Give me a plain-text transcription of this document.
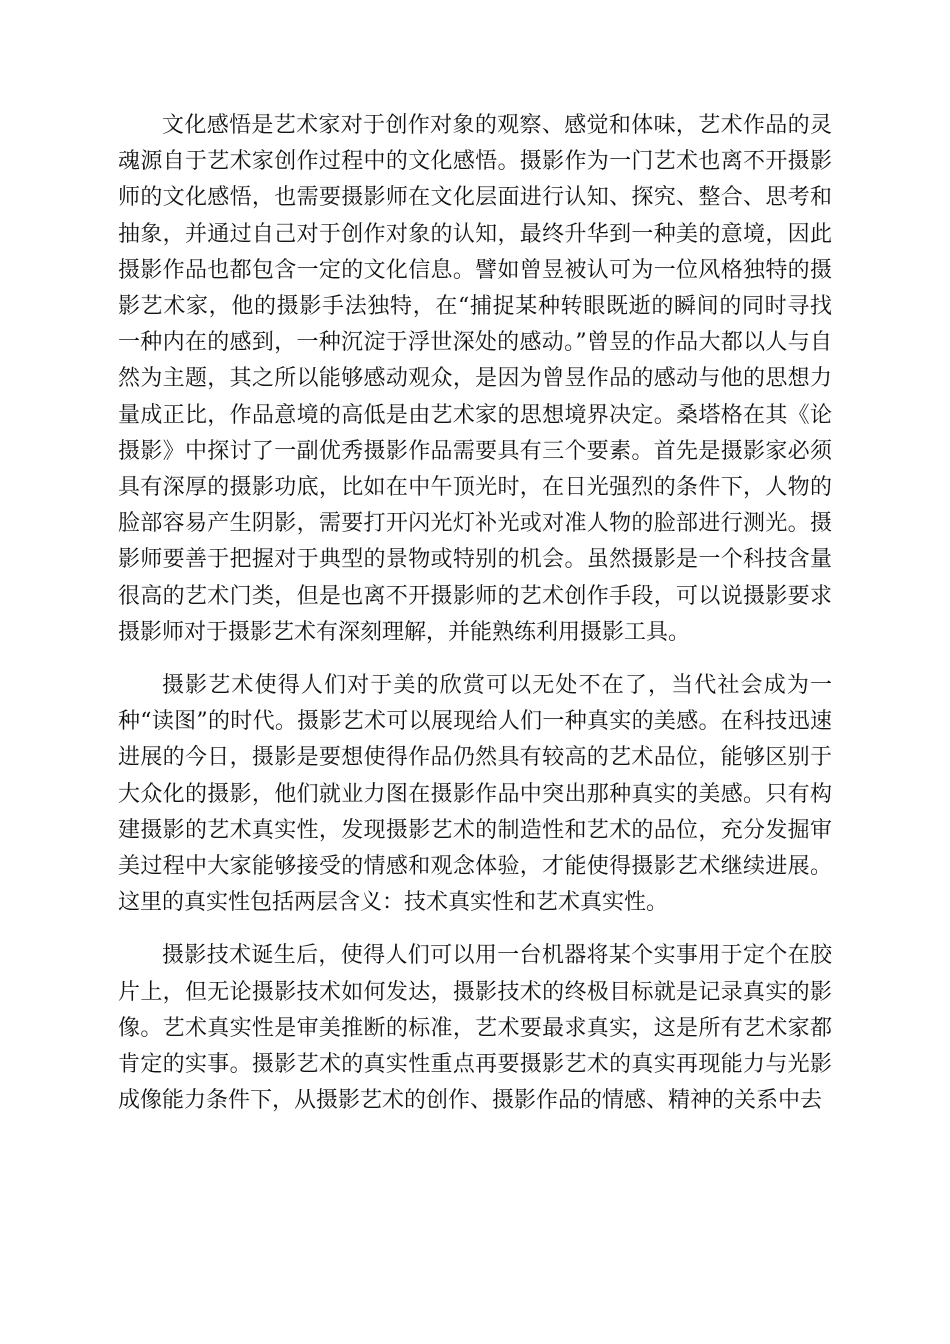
文化感悟是艺术家对于创作对象的观察、感觉和体味，艺术作品的灵魂源自于艺术家创作过程中的文化感悟。摄影作为一门艺术也离不开摄影师的文化感悟，也需要摄影师在文化层面进行认知、探究、整合、思考和抽象，并通过自己对于创作对象的认知，最终升华到一种美的意境，因此摄影作品也都包含一定的文化信息。譬如曾昱被认可为一位风格独特的摄影艺术家，他的摄影手法独特，在“捕捉某种转眼既逝的瞬间的同时寻找一种内在的感到，一种沉淀于浮世深处的感动。”曾昱的作品大都以人与自然为主题，其之所以能够感动观众，是因为曾昱作品的感动与他的思想力量成正比，作品意境的高低是由艺术家的思想境界决定。桑塔格在其《论摄影》中探讨了一副优秀摄影作品需要具有三个要素。首先是摄影家必须具有深厚的摄影功底，比如在中午顶光时，在日光强烈的条件下，人物的脸部容易产生阴影，需要打开闪光灯补光或对准人物的脸部进行测光。摄影师要善于把握对于典型的景物或特别的机会。虽然摄影是一个科技含量很高的艺术门类，但是也离不开摄影师的艺术创作手段，可以说摄影要求摄影师对于摄影艺术有深刻理解，并能熟练利用摄影工具。

摄影艺术使得人们对于美的欣赏可以无处不在了，当代社会成为一种“读图”的时代。摄影艺术可以展现给人们一种真实的美感。在科技迅速进展的今日，摄影是要想使得作品仍然具有较高的艺术品位，能够区别于大众化的摄影，他们就业力图在摄影作品中突出那种真实的美感。只有构建摄影的艺术真实性，发现摄影艺术的制造性和艺术的品位，充分发掘审美过程中大家能够接受的情感和观念体验，才能使得摄影艺术继续进展。这里的真实性包括两层含义：技术真实性和艺术真实性。

摄影技术诞生后，使得人们可以用一台机器将某个实事用于定个在胶片上，但无论摄影技术如何发达，摄影技术的终极目标就是记录真实的影像。艺术真实性是审美推断的标准，艺术要最求真实，这是所有艺术家都肯定的实事。摄影艺术的真实性重点再要摄影艺术的真实再现能力与光影成像能力条件下，从摄影艺术的创作、摄影作品的情感、精神的关系中去
